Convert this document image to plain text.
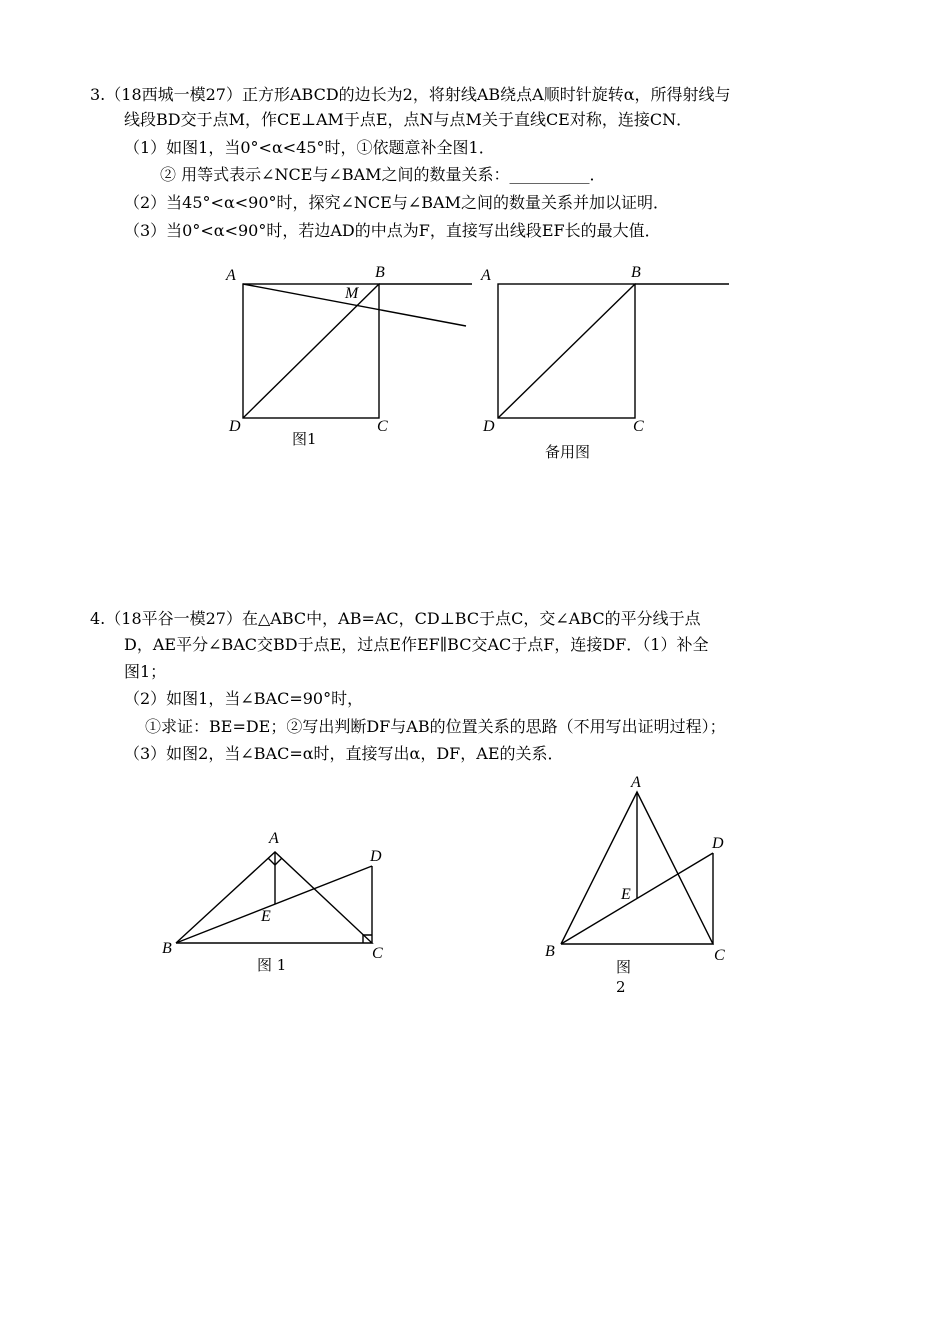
3.（18西城一模27）正方形ABCD的边长为2，将射线AB绕点A顺时针旋转α，所得射线与
线段BD交于点M，作CE⊥AM于点E，点N与点M关于直线CE对称，连接CN．
（1）如图1，当0°<α<45°时，①依题意补全图1．
② 用等式表示∠NCE与∠BAM之间的数量关系：__________．
（2）当45°<α<90°时，探究∠NCE与∠BAM之间的数量关系并加以证明．
（3）当0°<α<90°时，若边AD的中点为F，直接写出线段EF长的最大值．
A	B
M
D	C
图1
A	B
D	C
备用图
4.（18平谷一模27）在△ABC中，AB=AC，CD⊥BC于点C，交∠ABC的平分线于点
D，AE平分∠BAC交BD于点E，过点E作EF∥BC交AC于点F，连接DF．（1）补全
图1；
（2）如图1，当∠BAC=90°时，
①求证：BE=DE；②写出判断DF与AB的位置关系的思路（不用写出证明过程）；
（3）如图2，当∠BAC=α时，直接写出α，DF，AE的关系．
A
D
E
B	C
图 1
A
D
E
B	C
图
2
